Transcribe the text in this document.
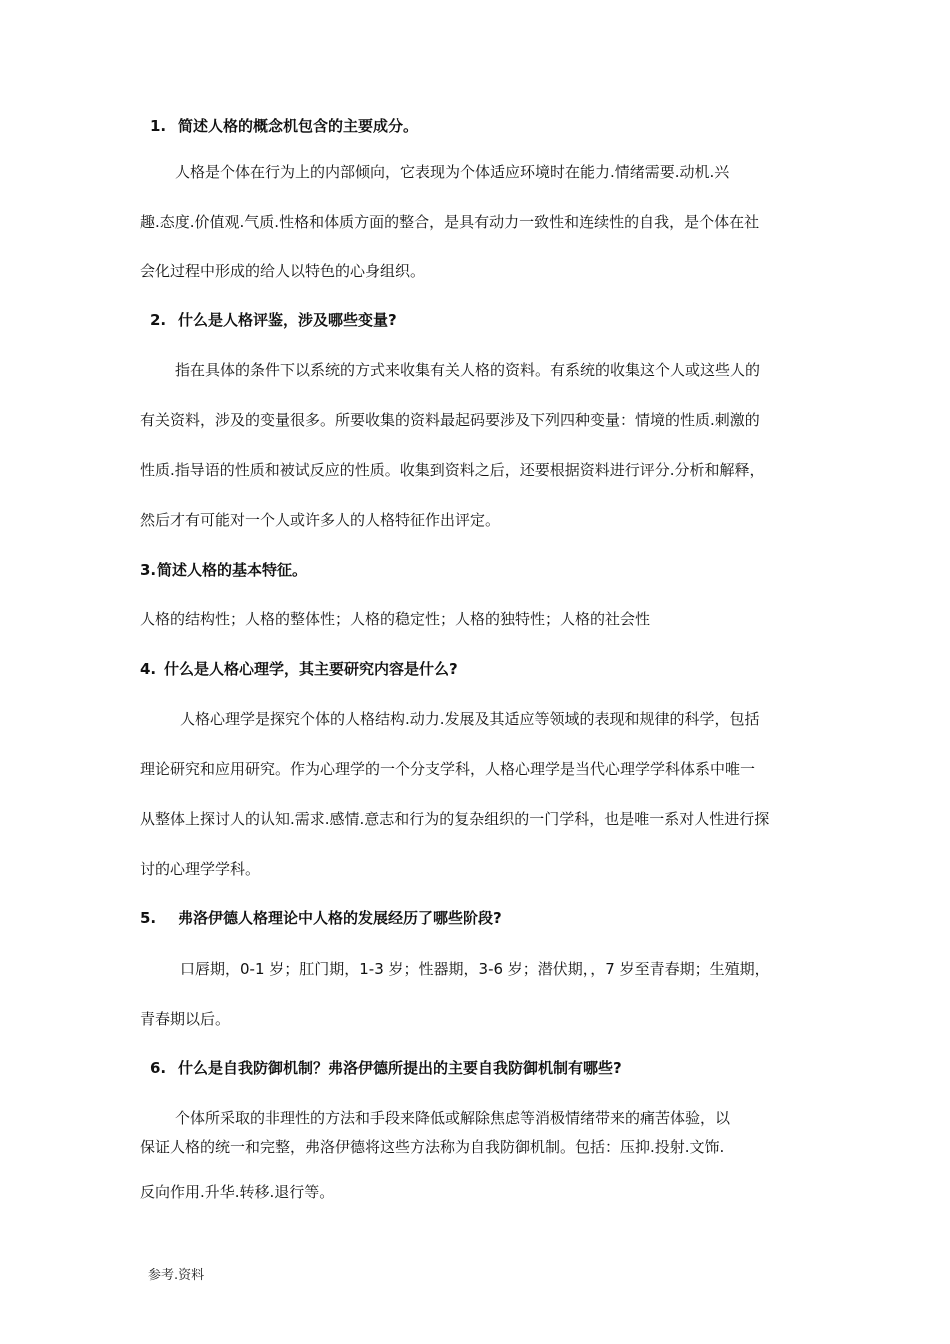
1. 简述人格的概念机包含的主要成分。
人格是个体在行为上的内部倾向，它表现为个体适应环境时在能力.情绪需要.动机.兴
趣.态度.价值观.气质.性格和体质方面的整合，是具有动力一致性和连续性的自我，是个体在社
会化过程中形成的给人以特色的心身组织。
2. 什么是人格评鉴，涉及哪些变量?
指在具体的条件下以系统的方式来收集有关人格的资料。有系统的收集这个人或这些人的
有关资料，涉及的变量很多。所要收集的资料最起码要涉及下列四种变量：情境的性质.刺激的
性质.指导语的性质和被试反应的性质。收集到资料之后，还要根据资料进行评分.分析和解释，
然后才有可能对一个人或许多人的人格特征作出评定。
3.简述人格的基本特征。
人格的结构性；人格的整体性；人格的稳定性；人格的独特性；人格的社会性
4. 什么是人格心理学，其主要研究内容是什么?
人格心理学是探究个体的人格结构.动力.发展及其适应等领域的表现和规律的科学，包括
理论研究和应用研究。作为心理学的一个分支学科，人格心理学是当代心理学学科体系中唯一
从整体上探讨人的认知.需求.感情.意志和行为的复杂组织的一门学科，也是唯一系对人性进行探
讨的心理学学科。
5. 弗洛伊德人格理论中人格的发展经历了哪些阶段?
口唇期，0-1 岁；肛门期，1-3 岁；性器期，3-6 岁；潜伏期，，7 岁至青春期；生殖期，
青春期以后。
6. 什么是自我防御机制？弗洛伊德所提出的主要自我防御机制有哪些?
个体所采取的非理性的方法和手段来降低或解除焦虑等消极情绪带来的痛苦体验，以
保证人格的统一和完整，弗洛伊德将这些方法称为自我防御机制。包括：压抑.投射.文饰.
反向作用.升华.转移.退行等。
参考.资料
